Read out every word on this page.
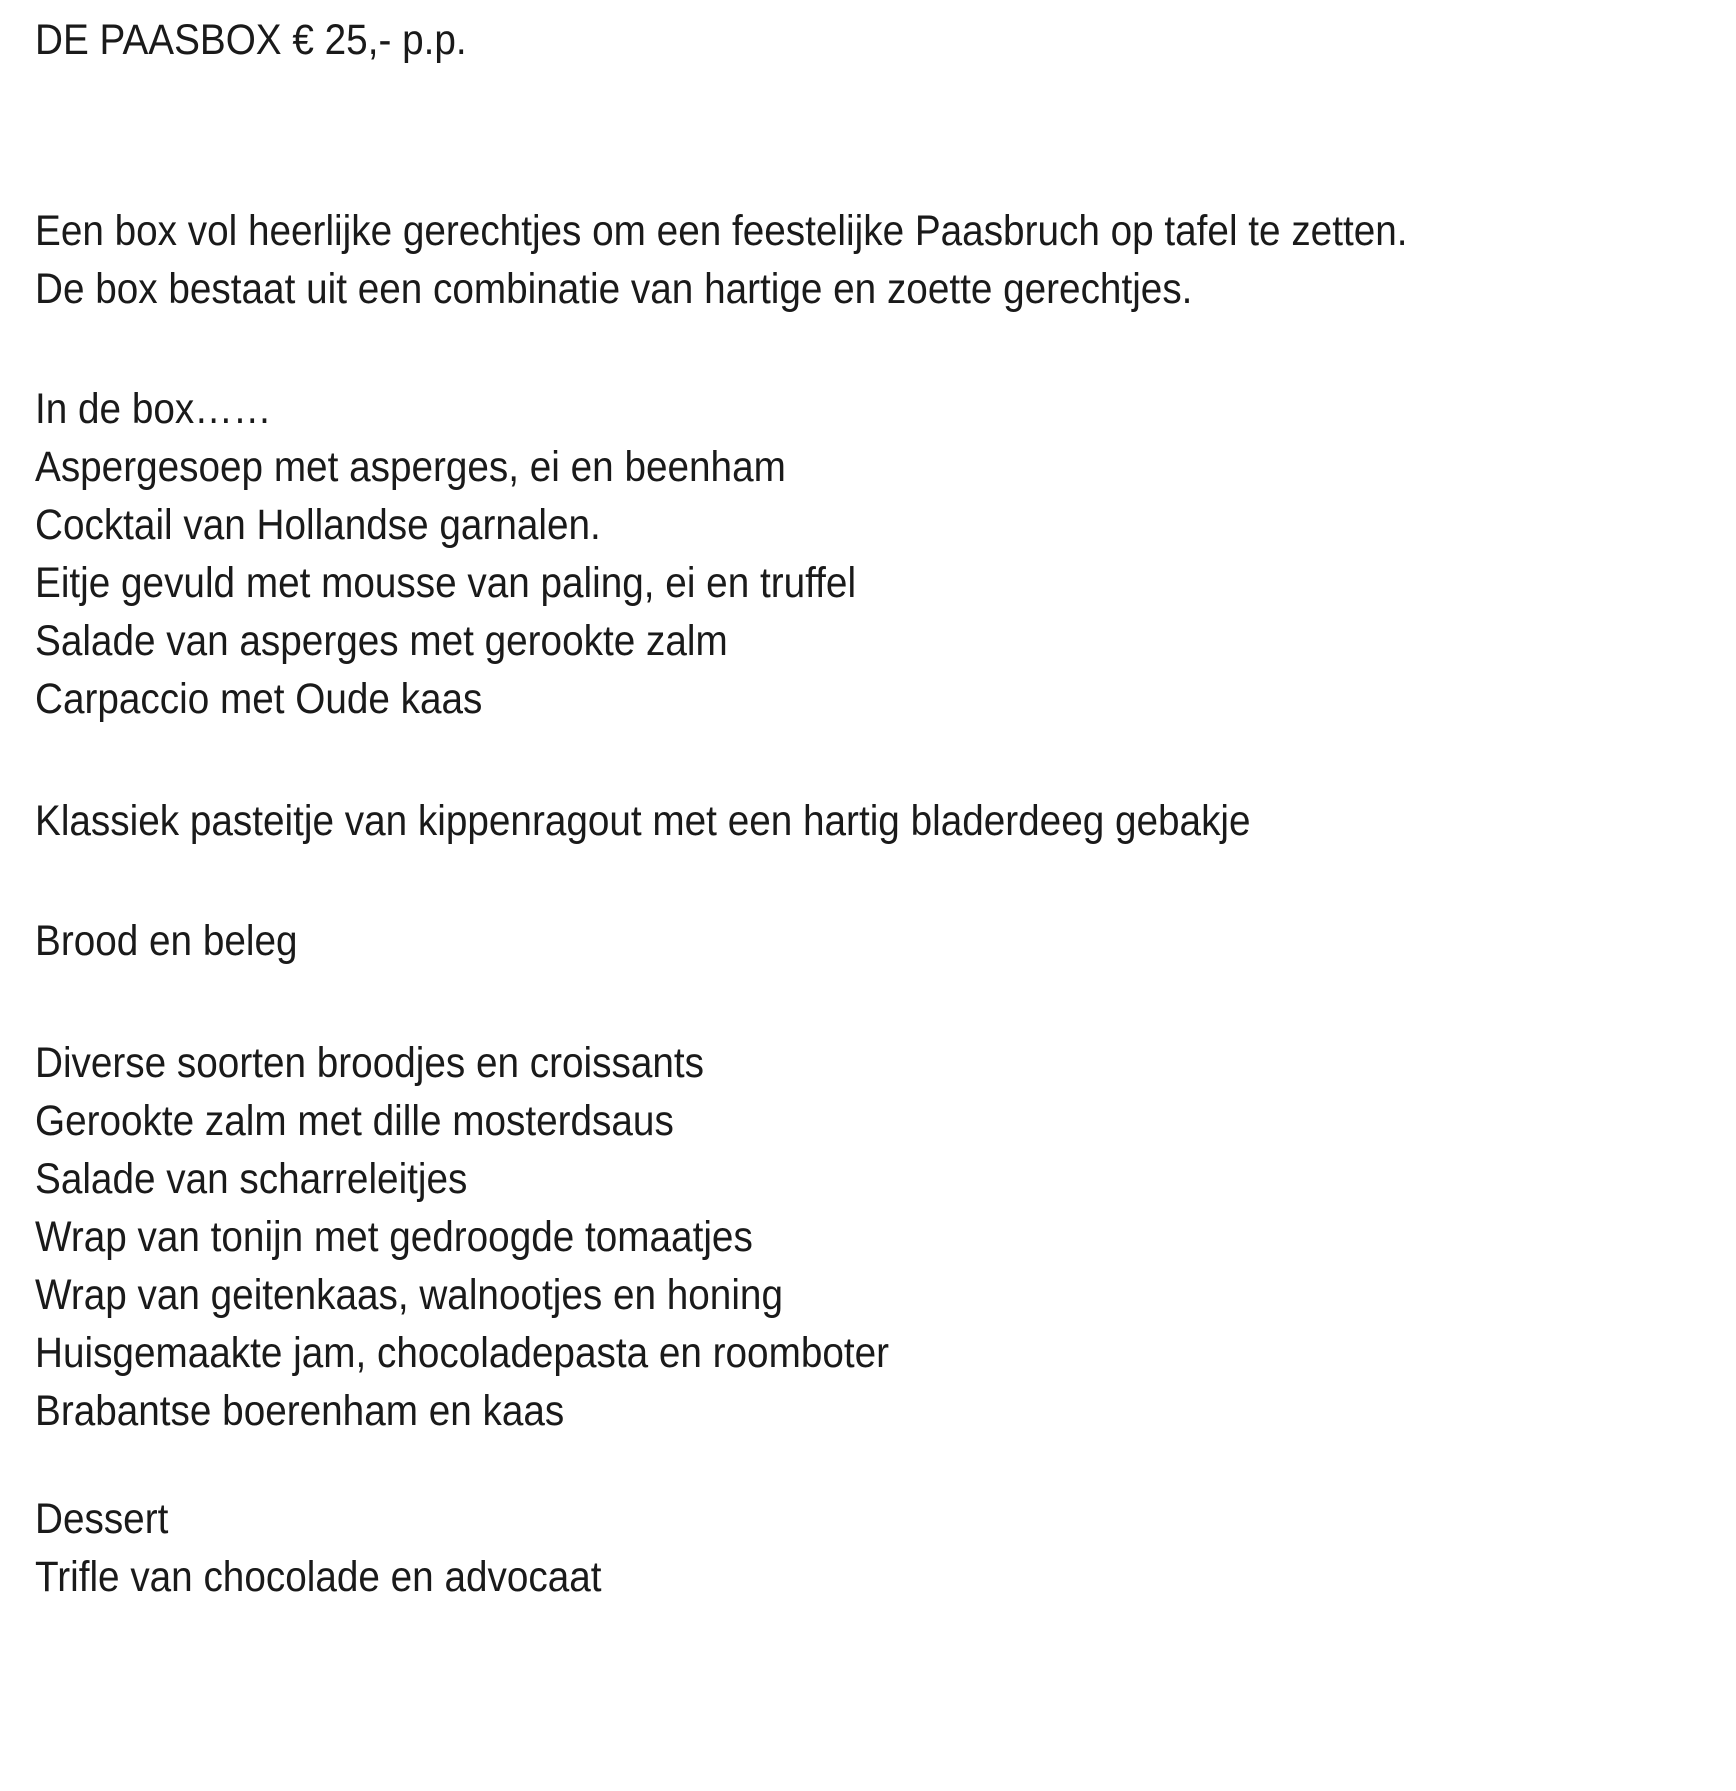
DE PAASBOX € 25,- p.p.
Een box vol heerlijke gerechtjes om een feestelijke Paasbruch op tafel te zetten.
De box bestaat uit een combinatie van hartige en zoette gerechtjes.
In de box……
Aspergesoep met asperges, ei en beenham
Cocktail van Hollandse garnalen.
Eitje gevuld met mousse van paling, ei en truffel
Salade van asperges met gerookte zalm
Carpaccio met Oude kaas
Klassiek pasteitje van kippenragout met een hartig bladerdeeg gebakje
Brood en beleg
Diverse soorten broodjes en croissants
Gerookte zalm met dille mosterdsaus
Salade van scharreleitjes
Wrap van tonijn met gedroogde tomaatjes
Wrap van geitenkaas, walnootjes en honing
Huisgemaakte jam, chocoladepasta en roomboter
Brabantse boerenham en kaas
Dessert
Trifle van chocolade en advocaat
